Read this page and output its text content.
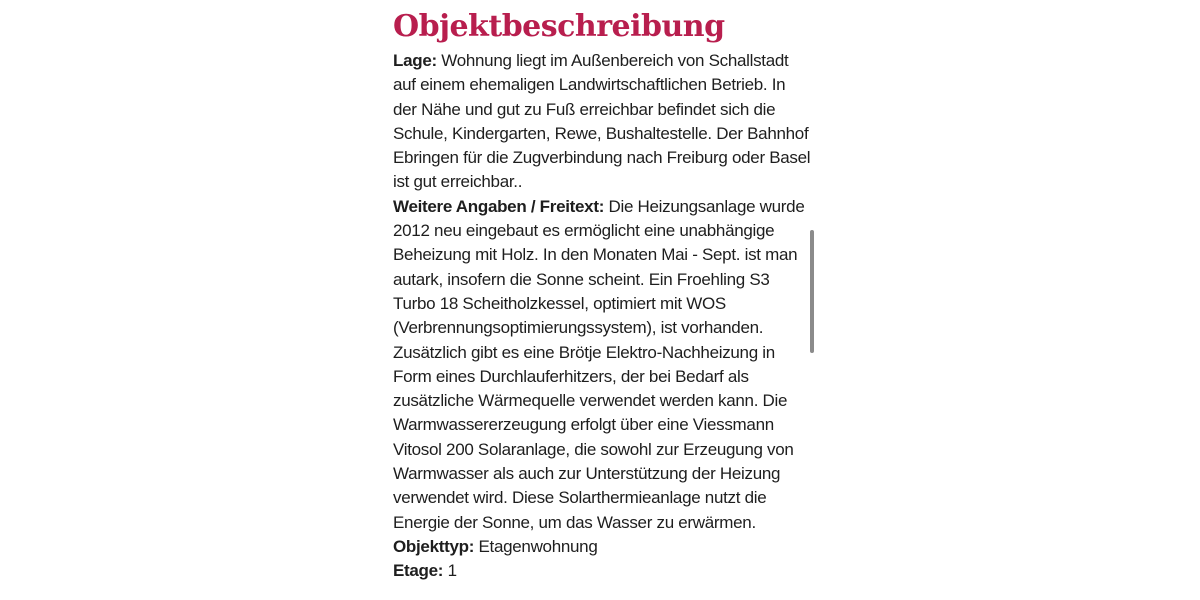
Objektbeschreibung

Lage: Wohnung liegt im Außenbereich von Schallstadt auf einem ehemaligen Landwirtschaftlichen Betrieb. In der Nähe und gut zu Fuß erreichbar befindet sich die Schule, Kindergarten, Rewe, Bushaltestelle. Der Bahnhof Ebringen für die Zugverbindung nach Freiburg oder Basel ist gut erreichbar..

Weitere Angaben / Freitext: Die Heizungsanlage wurde 2012 neu eingebaut es ermöglicht eine unabhängige Beheizung mit Holz. In den Monaten Mai - Sept. ist man autark, insofern die Sonne scheint. Ein Froehling S3 Turbo 18 Scheitholzkessel, optimiert mit WOS (Verbrennungsoptimierungssystem), ist vorhanden. Zusätzlich gibt es eine Brötje Elektro-Nachheizung in Form eines Durchlauferhitzers, der bei Bedarf als zusätzliche Wärmequelle verwendet werden kann. Die Warmwassererzeugung erfolgt über eine Viessmann Vitosol 200 Solaranlage, die sowohl zur Erzeugung von Warmwasser als auch zur Unterstützung der Heizung verwendet wird. Diese Solarthermieanlage nutzt die Energie der Sonne, um das Wasser zu erwärmen.

Objekttyp: Etagenwohnung

Etage: 1
